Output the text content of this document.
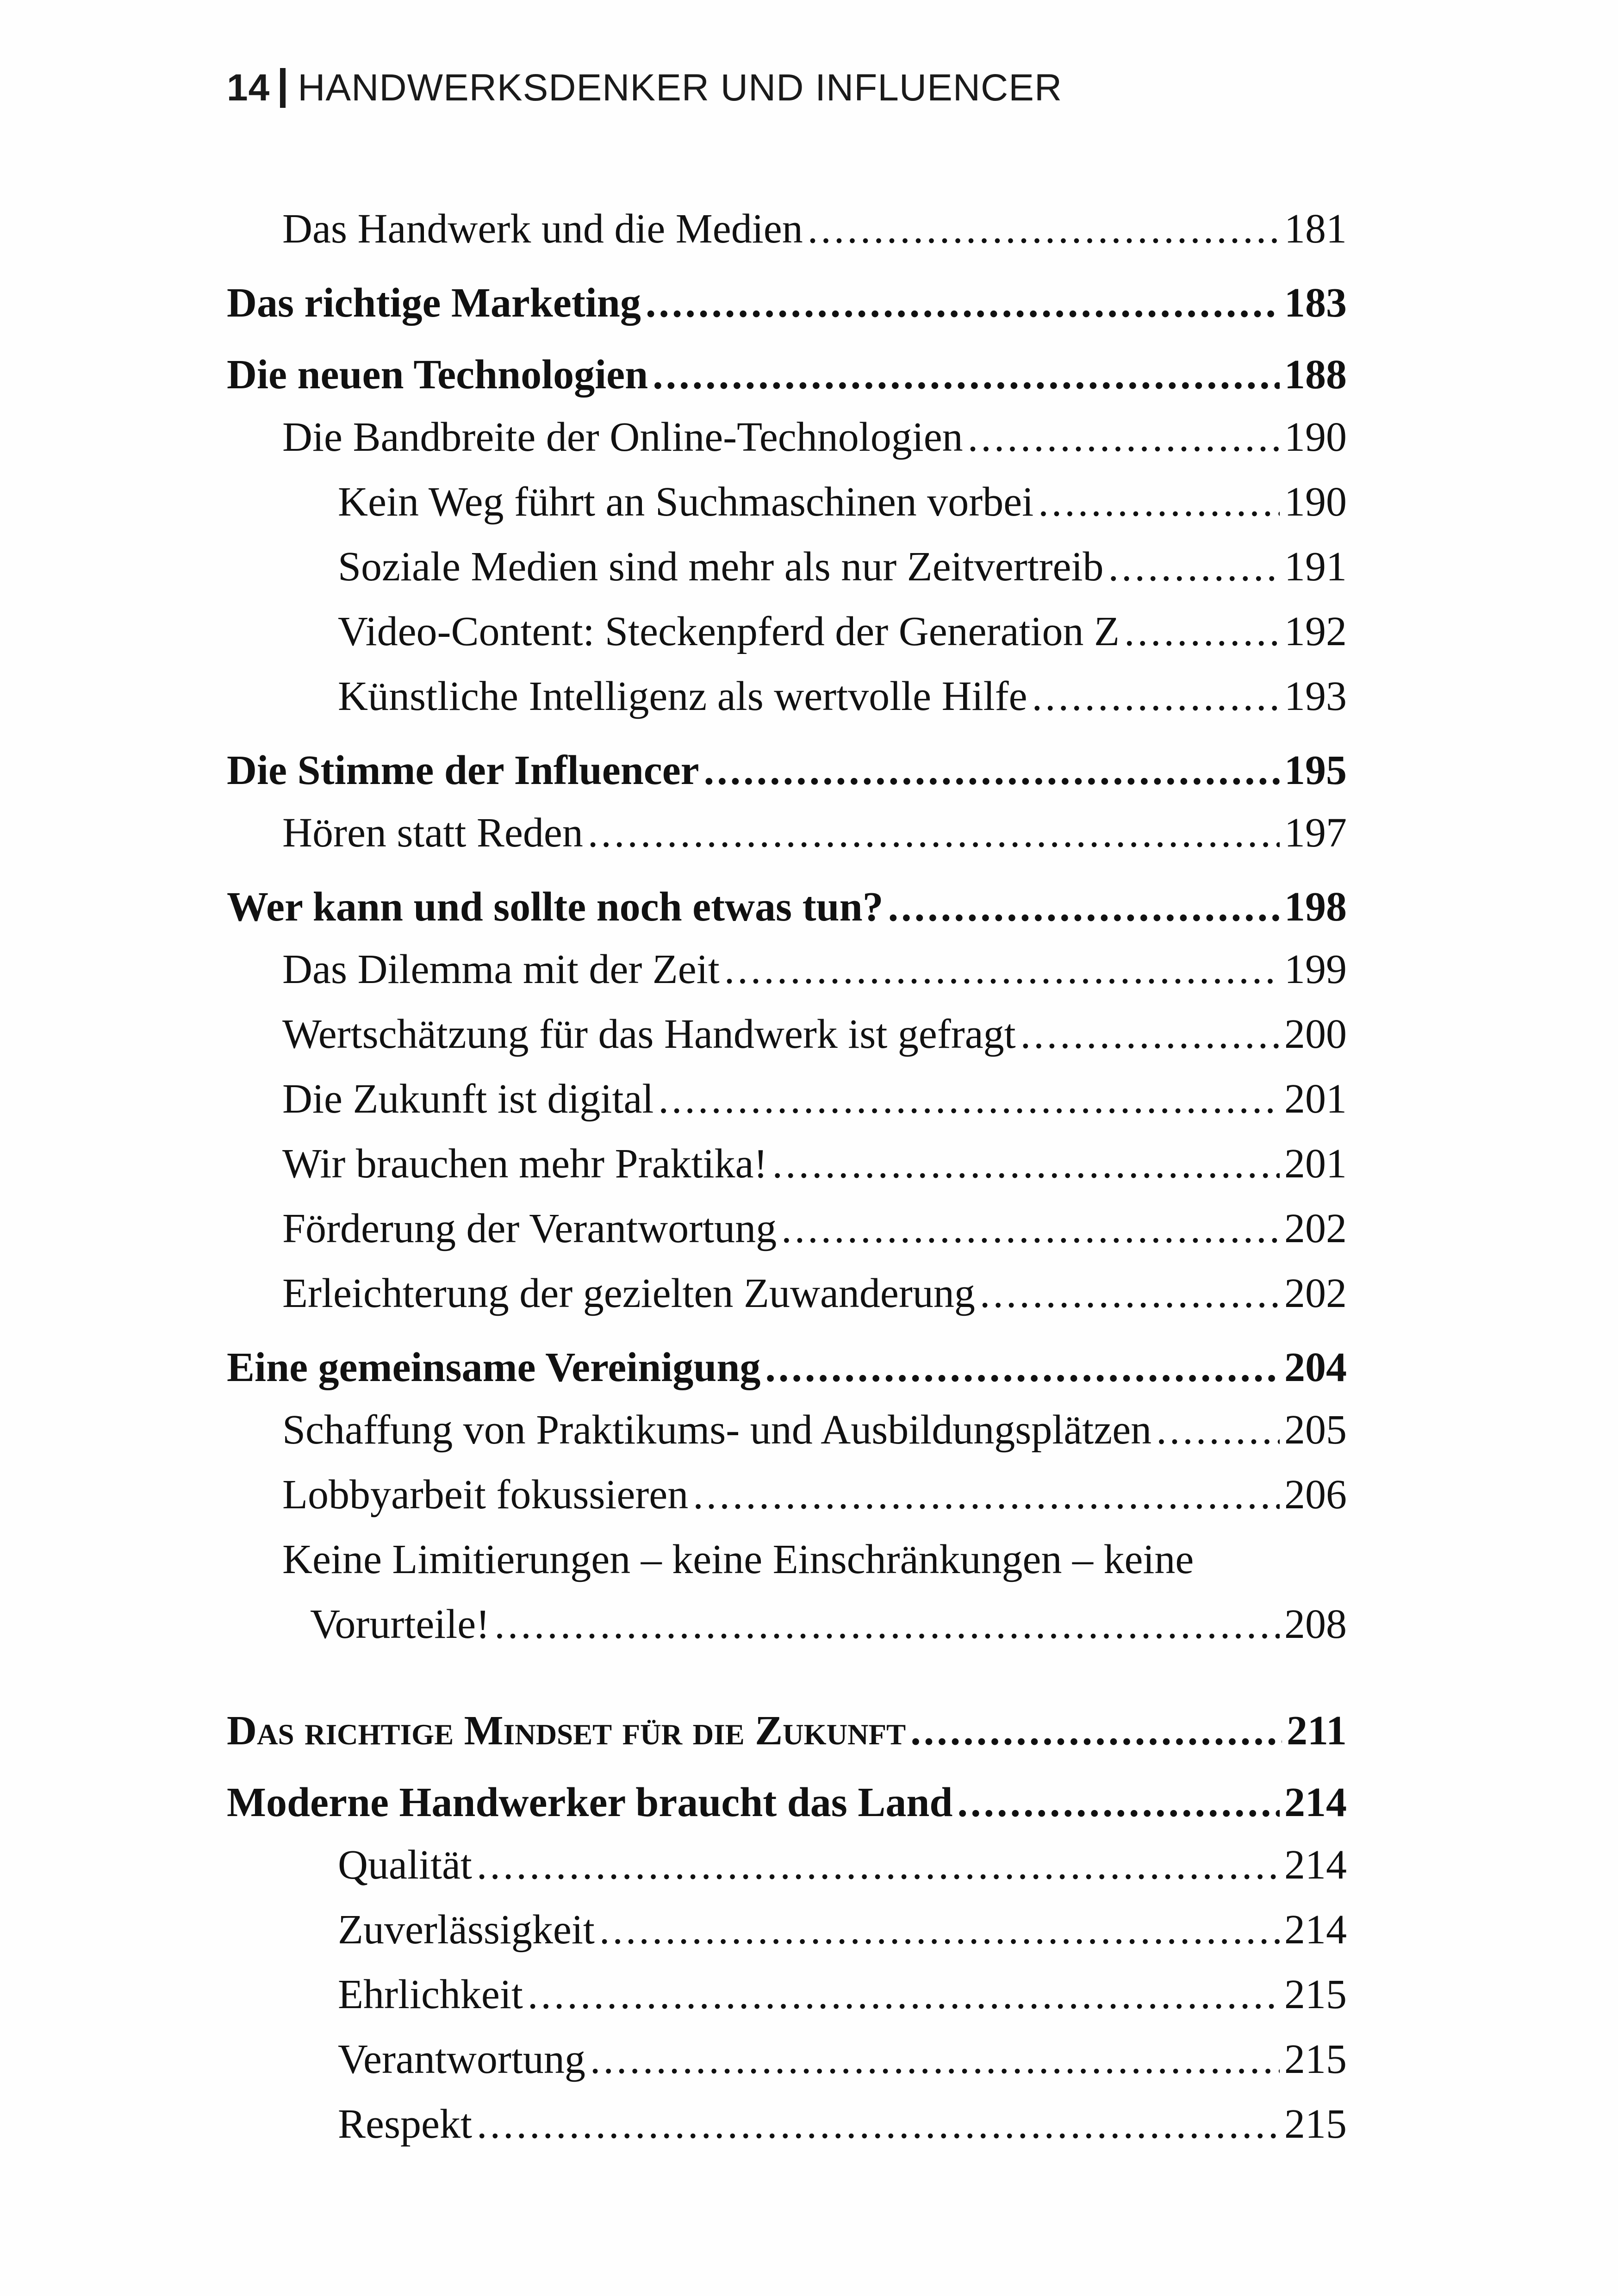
14 HANDWERKSDENKER UND INFLUENCER
Das Handwerk und die Medien .....	181
Das richtige Marketing .....	183
Die neuen Technologien .....	188
Die Bandbreite der Online-Technologien .....	190
Kein Weg führt an Suchmaschinen vorbei .....	190
Soziale Medien sind mehr als nur Zeitvertreib .....	191
Video-Content: Steckenpferd der Generation Z .....	192
Künstliche Intelligenz als wertvolle Hilfe .....	193
Die Stimme der Influencer .....	195
Hören statt Reden .....	197
Wer kann und sollte noch etwas tun? .....	198
Das Dilemma mit der Zeit .....	199
Wertschätzung für das Handwerk ist gefragt .....	200
Die Zukunft ist digital .....	201
Wir brauchen mehr Praktika! .....	201
Förderung der Verantwortung .....	202
Erleichterung der gezielten Zuwanderung .....	202
Eine gemeinsame Vereinigung .....	204
Schaffung von Praktikums- und Ausbildungsplätzen .....	205
Lobbyarbeit fokussieren .....	206
Keine Limitierungen – keine Einschränkungen – keine
Vorurteile! .....	208
Das richtige Mindset für die Zukunft .....	211
Moderne Handwerker braucht das Land .....	214
Qualität .....	214
Zuverlässigkeit .....	214
Ehrlichkeit .....	215
Verantwortung .....	215
Respekt .....	215
